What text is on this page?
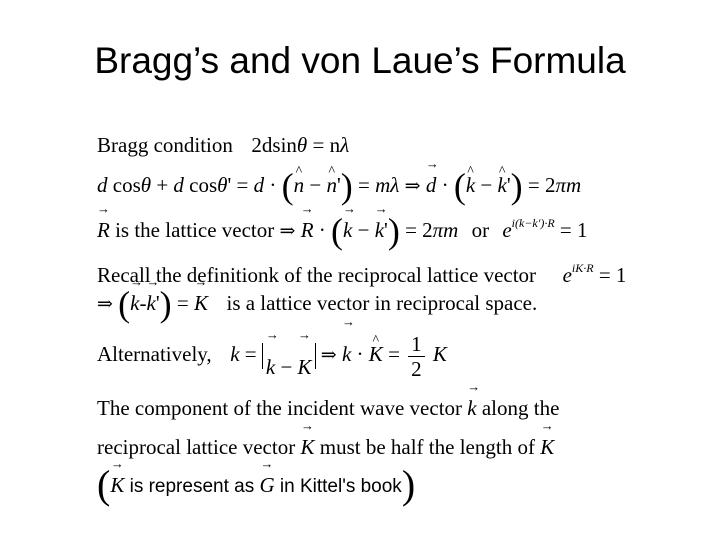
Bragg’s and von Laue’s Formula
Bragg condition 2dsinθ = nλ
d cosθ + d cosθ' = d · (^ n − ^ n') = mλ ⇒ → d · (^ k − ^ k') = 2πm
→ R is the lattice vector ⇒ → R · (→ k − → k') = 2πm or $e^{i(k-k')\cdot R} = 1$
Recall the definitionk of the reciprocal lattice vector $e^{iK\cdot R} = 1$
⇒ (→ k-→ k') = → K is a lattice vector in reciprocal space.
Alternatively, k = → k − → K ⇒ → k · ^ $K = \frac{1}{2}$ K
The component of the incident wave vector → k along the
reciprocal lattice vector → K must be half the length of → K
(→ K is represent as → G in Kittel's book)
